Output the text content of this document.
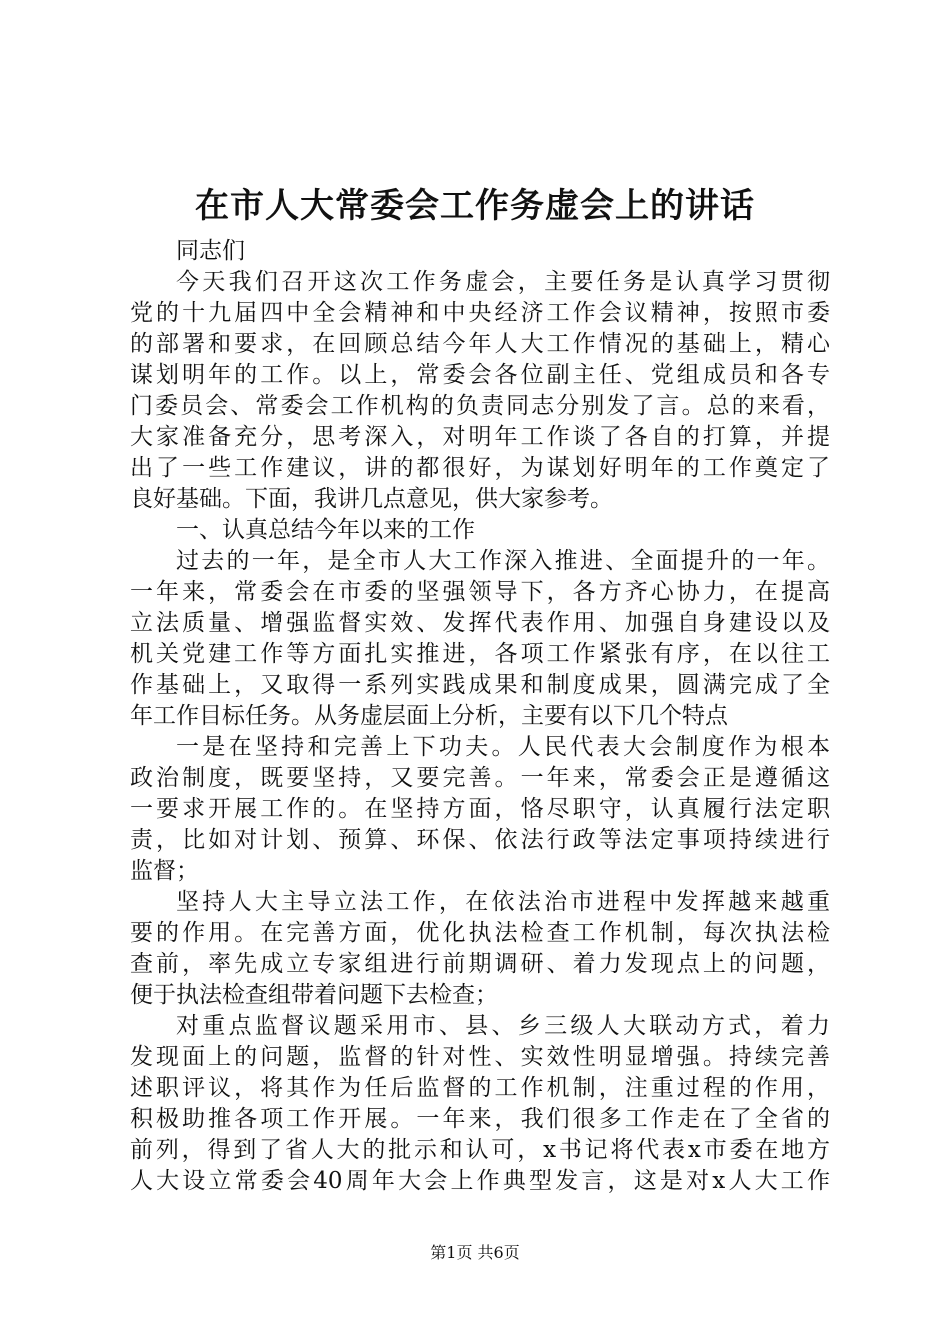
在市人大常委会工作务虚会上的讲话
同志们
今天我们召开这次工作务虚会，主要任务是认真学习贯彻
党的十九届四中全会精神和中央经济工作会议精神，按照市委
的部署和要求，在回顾总结今年人大工作情况的基础上，精心
谋划明年的工作。以上，常委会各位副主任、党组成员和各专
门委员会、常委会工作机构的负责同志分别发了言。总的来看，
大家准备充分，思考深入，对明年工作谈了各自的打算，并提
出了一些工作建议，讲的都很好，为谋划好明年的工作奠定了
良好基础。下面，我讲几点意见，供大家参考。
一、认真总结今年以来的工作
过去的一年，是全市人大工作深入推进、全面提升的一年。
一年来，常委会在市委的坚强领导下，各方齐心协力，在提高
立法质量、增强监督实效、发挥代表作用、加强自身建设以及
机关党建工作等方面扎实推进，各项工作紧张有序，在以往工
作基础上，又取得一系列实践成果和制度成果，圆满完成了全
年工作目标任务。从务虚层面上分析，主要有以下几个特点
一是在坚持和完善上下功夫。人民代表大会制度作为根本
政治制度，既要坚持，又要完善。一年来，常委会正是遵循这
一要求开展工作的。在坚持方面，恪尽职守，认真履行法定职
责，比如对计划、预算、环保、依法行政等法定事项持续进行
监督；
坚持人大主导立法工作，在依法治市进程中发挥越来越重
要的作用。在完善方面，优化执法检查工作机制，每次执法检
查前，率先成立专家组进行前期调研、着力发现点上的问题，
便于执法检查组带着问题下去检查；
对重点监督议题采用市、县、乡三级人大联动方式，着力
发现面上的问题，监督的针对性、实效性明显增强。持续完善
述职评议，将其作为任后监督的工作机制，注重过程的作用，
积极助推各项工作开展。一年来，我们很多工作走在了全省的
前列，得到了省人大的批示和认可，x书记将代表x市委在地方
人大设立常委会40周年大会上作典型发言，这是对x人大工作
第1页 共6页
